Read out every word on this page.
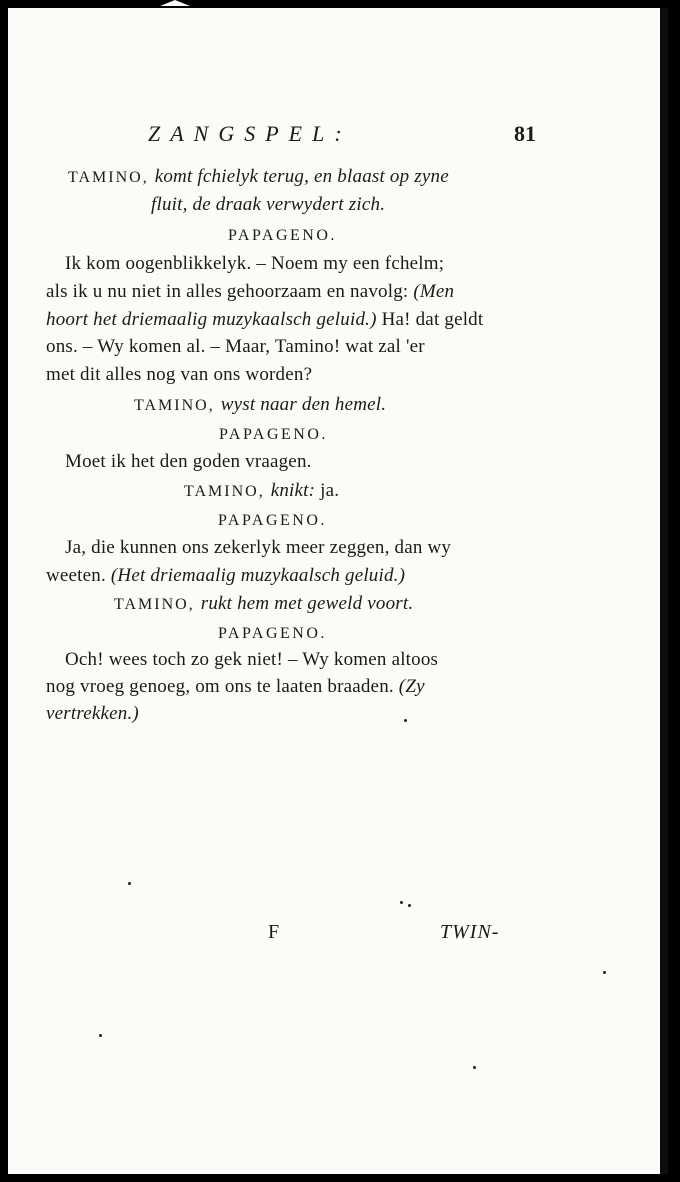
ZANGSPEL:	81
TAMINO, komt fchielyk terug, en blaast op zyne
fluit, de draak verwydert zich.
PAPAGENO.
Ik kom oogenblikkelyk. – Noem my een fchelm;
als ik u nu niet in alles gehoorzaam en navolg: (Men
hoort het driemaalig muzykaalsch geluid.) Ha! dat geldt
ons. – Wy komen al. – Maar, Tamino! wat zal 'er
met dit alles nog van ons worden?
TAMINO, wyst naar den hemel.
PAPAGENO.
Moet ik het den goden vraagen.
TAMINO, knikt: ja.
PAPAGENO.
Ja, die kunnen ons zekerlyk meer zeggen, dan wy
weeten. (Het driemaalig muzykaalsch geluid.)
TAMINO, rukt hem met geweld voort.
PAPAGENO.
Och! wees toch zo gek niet! – Wy komen altoos
nog vroeg genoeg, om ons te laaten braaden. (Zy
vertrekken.)
F	TWIN-
